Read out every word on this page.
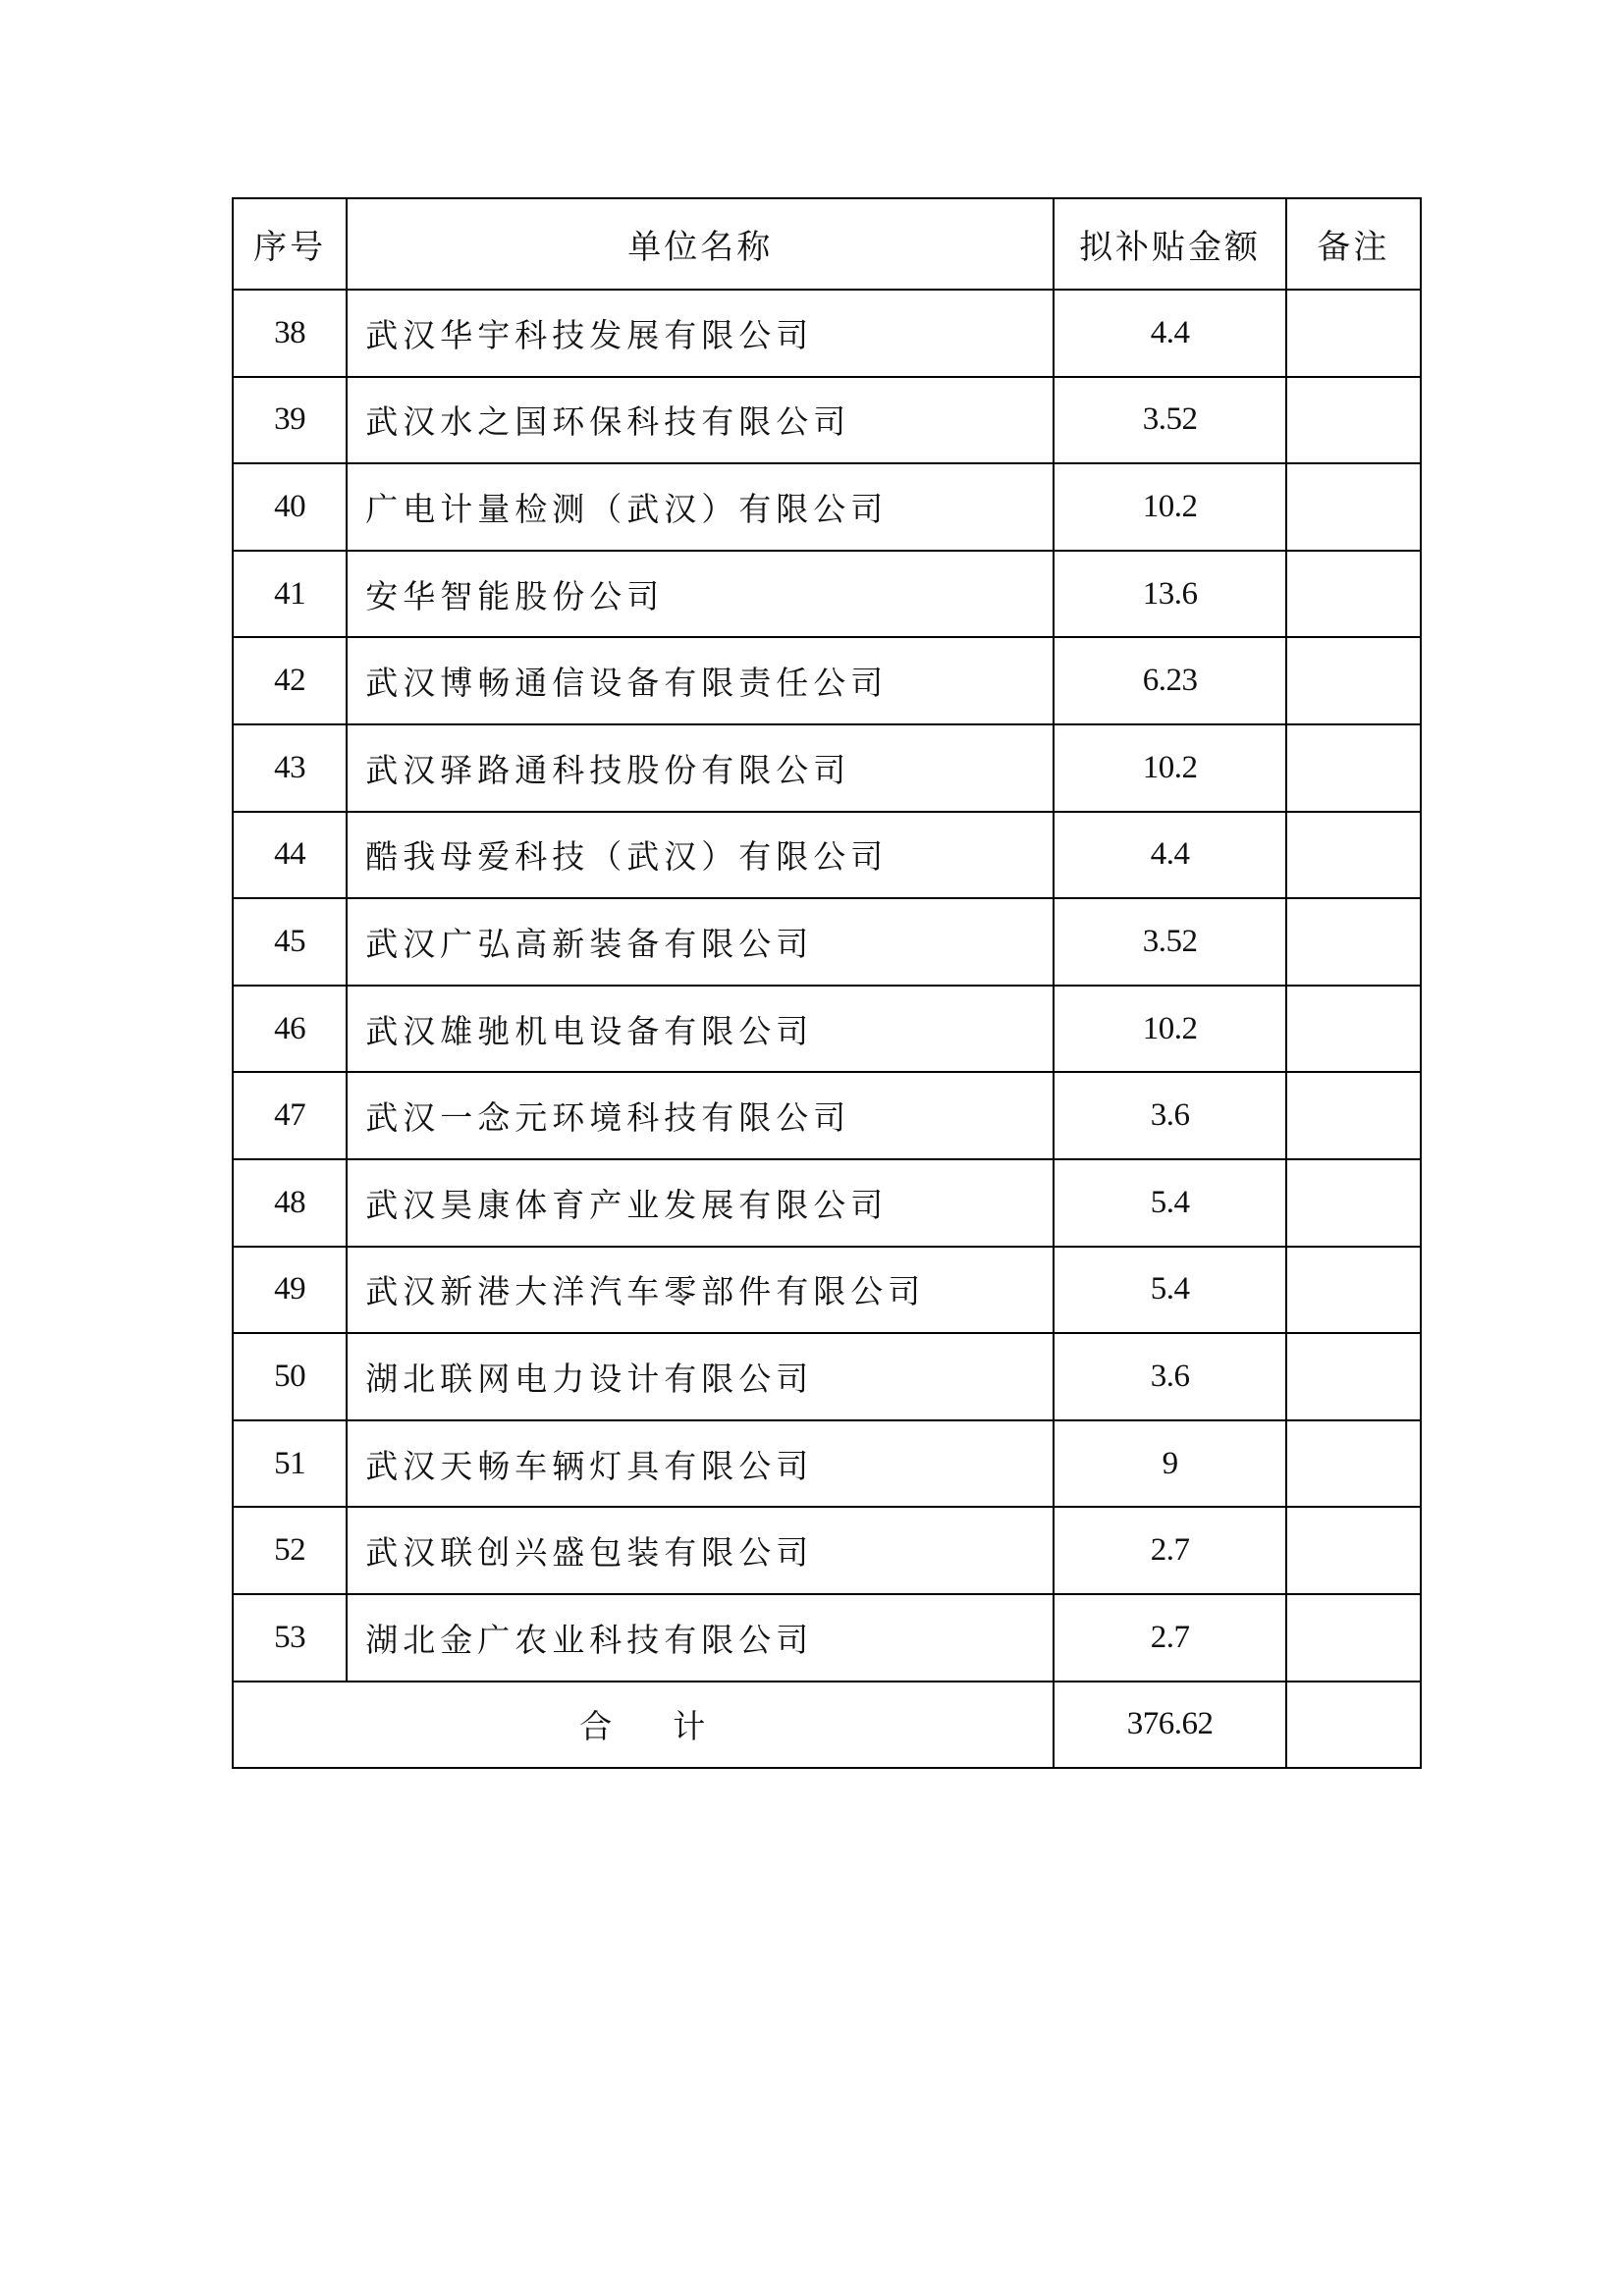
序号	单位名称	拟补贴金额	备注
38	武汉华宇科技发展有限公司	4.4	
39	武汉水之国环保科技有限公司	3.52	
40	广电计量检测（武汉）有限公司	10.2	
41	安华智能股份公司	13.6	
42	武汉博畅通信设备有限责任公司	6.23	
43	武汉驿路通科技股份有限公司	10.2	
44	酷我母爱科技（武汉）有限公司	4.4	
45	武汉广弘高新装备有限公司	3.52	
46	武汉雄驰机电设备有限公司	10.2	
47	武汉一念元环境科技有限公司	3.6	
48	武汉昊康体育产业发展有限公司	5.4	
49	武汉新港大洋汽车零部件有限公司	5.4	
50	湖北联网电力设计有限公司	3.6	
51	武汉天畅车辆灯具有限公司	9	
52	武汉联创兴盛包装有限公司	2.7	
53	湖北金广农业科技有限公司	2.7	
合 计		376.62	
